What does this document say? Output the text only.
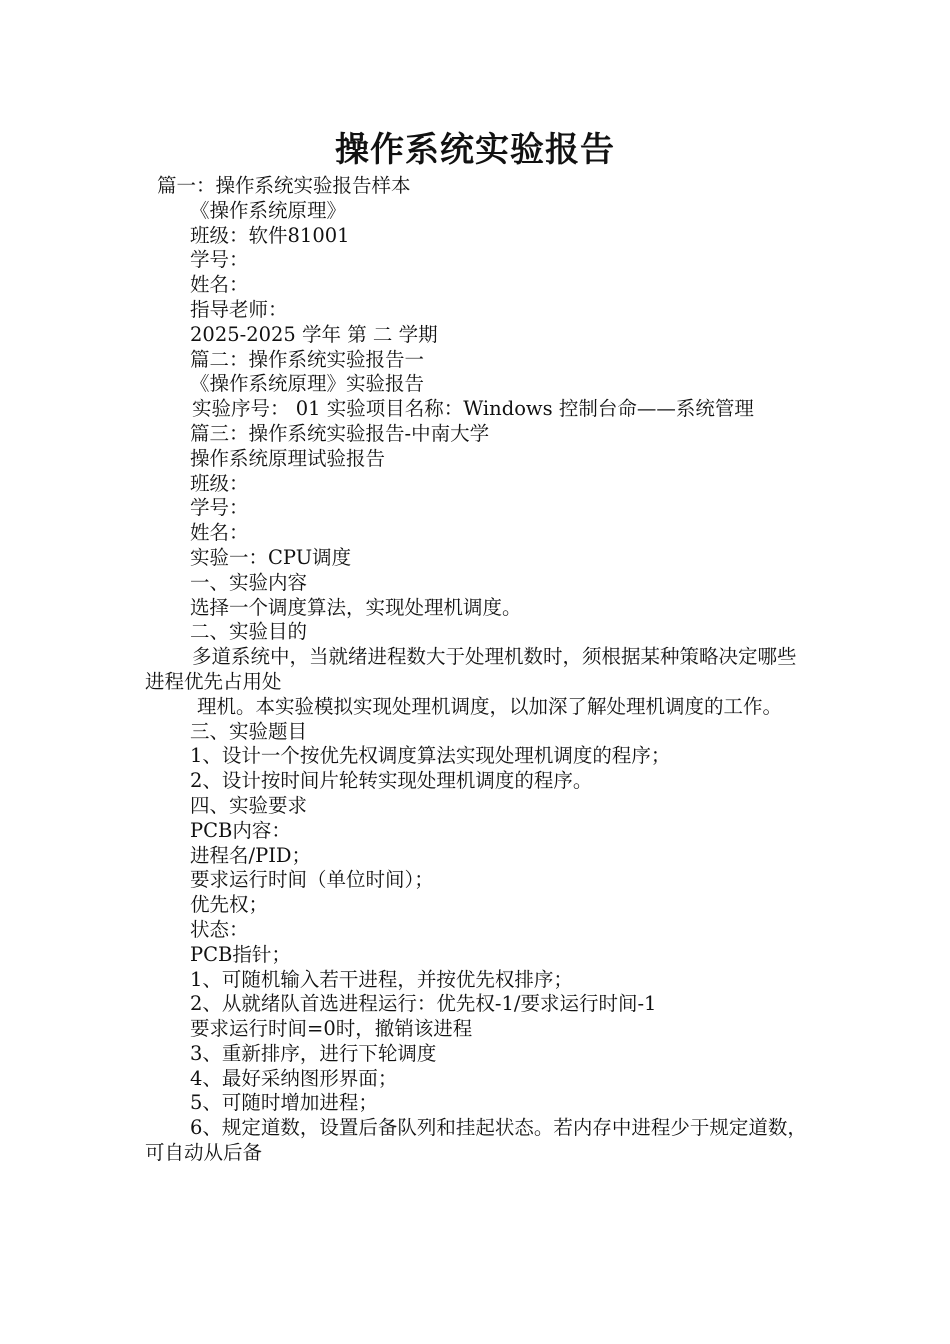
操作系统实验报告

篇一：操作系统实验报告样本

《操作系统原理》

班级：软件81001

学号：

姓名：

指导老师：

2025-2025 学年 第 二 学期

篇二：操作系统实验报告一

《操作系统原理》实验报告

实验序号： 01 实验项目名称：Windows 控制台命——系统管理

篇三：操作系统实验报告-中南大学

操作系统原理试验报告

班级：

学号：

姓名：

实验一：CPU调度

一、实验内容

选择一个调度算法，实现处理机调度。

二、实验目的

多道系统中，当就绪进程数大于处理机数时，须根据某种策略决定哪些进程优先占用处

理机。本实验模拟实现处理机调度，以加深了解处理机调度的工作。

三、实验题目

1、设计一个按优先权调度算法实现处理机调度的程序；

2、设计按时间片轮转实现处理机调度的程序。

四、实验要求

PCB内容：

进程名/PID；

要求运行时间（单位时间）；

优先权；

状态：

PCB指针；

1、可随机输入若干进程，并按优先权排序；

2、从就绪队首选进程运行：优先权-1/要求运行时间-1

要求运行时间=0时，撤销该进程

3、重新排序，进行下轮调度

4、最好采纳图形界面；

5、可随时增加进程；

6、规定道数，设置后备队列和挂起状态。若内存中进程少于规定道数，可自动从后备
